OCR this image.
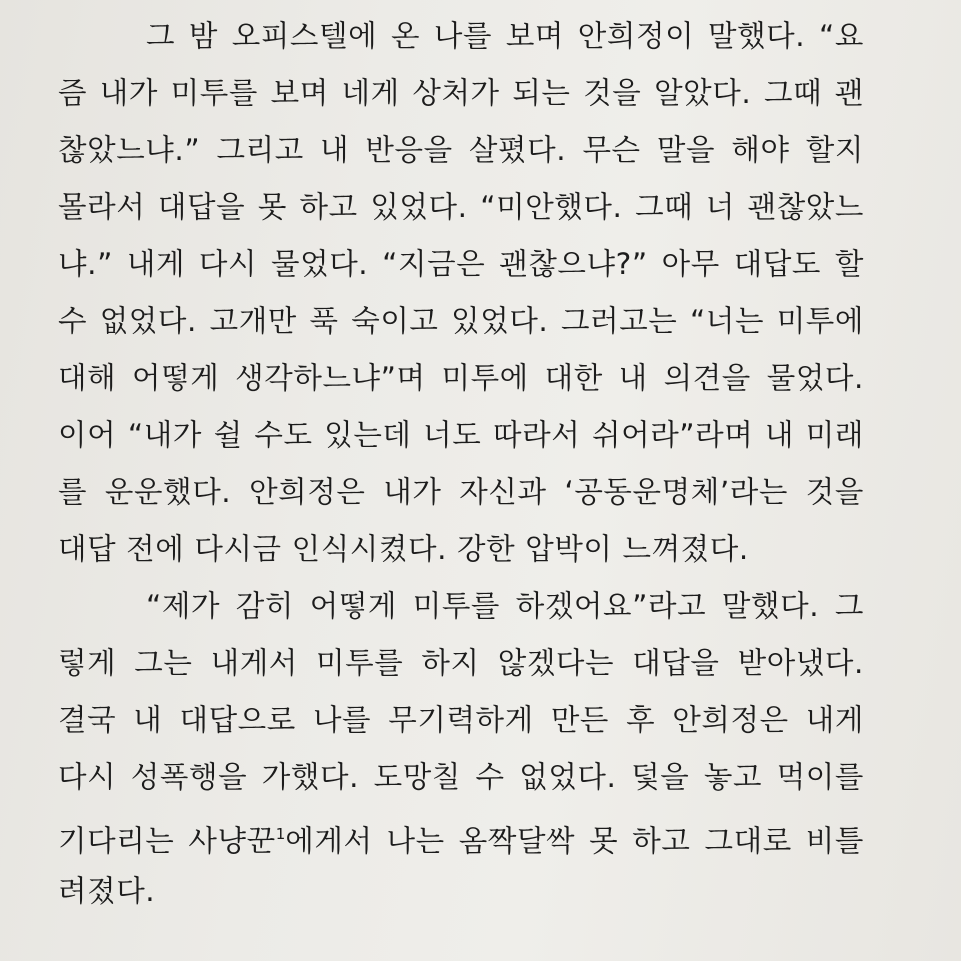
그 밤 오피스텔에 온 나를 보며 안희정이 말했다. “요
즘 내가 미투를 보며 네게 상처가 되는 것을 알았다. 그때 괜
찮았느냐.” 그리고 내 반응을 살폈다. 무슨 말을 해야 할지
몰라서 대답을 못 하고 있었다. “미안했다. 그때 너 괜찮았느
냐.” 내게 다시 물었다. “지금은 괜찮으냐?” 아무 대답도 할
수 없었다. 고개만 푹 숙이고 있었다. 그러고는 “너는 미투에
대해 어떻게 생각하느냐”며 미투에 대한 내 의견을 물었다.
이어 “내가 쉴 수도 있는데 너도 따라서 쉬어라”라며 내 미래
를 운운했다. 안희정은 내가 자신과 ‘공동운명체’라는 것을
대답 전에 다시금 인식시켰다. 강한 압박이 느껴졌다.
“제가 감히 어떻게 미투를 하겠어요”라고 말했다. 그
렇게 그는 내게서 미투를 하지 않겠다는 대답을 받아냈다.
결국 내 대답으로 나를 무기력하게 만든 후 안희정은 내게
다시 성폭행을 가했다. 도망칠 수 없었다. 덫을 놓고 먹이를
기다리는 사냥꾼$^1$에게서 나는 옴짝달싹 못 하고 그대로 비틀
려졌다.
